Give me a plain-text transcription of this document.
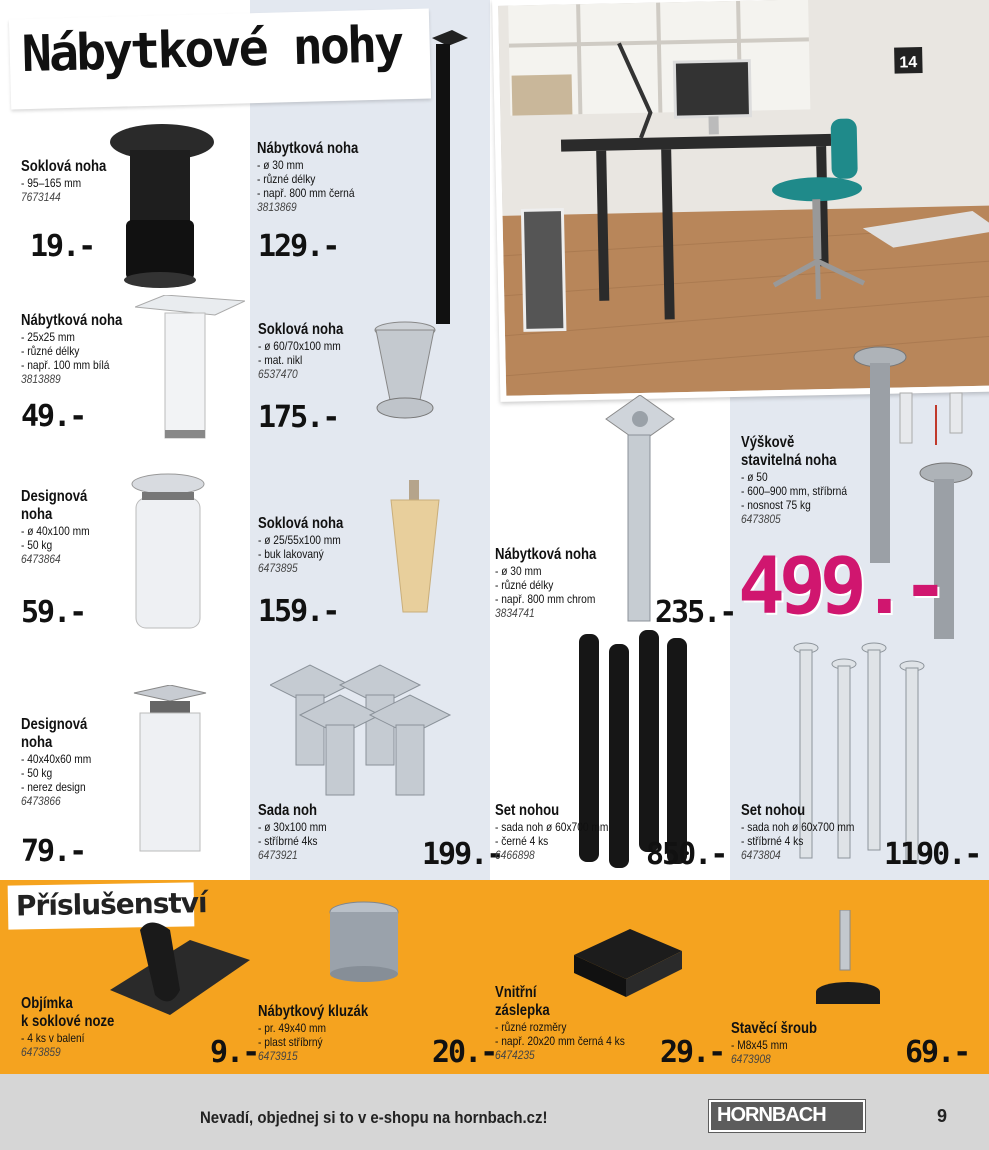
Nábytkové nohy	14
Soklová noha
- 95–165 mm
7673144
19.-
Nábytková noha
- ø 30 mm
- různé délky
- např. 800 mm černá
3813869
129.-
Nábytková noha
- 25x25 mm
- různé délky
- např. 100 mm bílá
3813889
49.-
Soklová noha
- ø 60/70x100 mm
- mat. nikl
6537470
175.-
Designová
noha
- ø 40x100 mm
- 50 kg
6473864
59.-
Soklová noha
- ø 25/55x100 mm
- buk lakovaný
6473895
159.-
Nábytková noha
- ø 30 mm
- různé délky
- např. 800 mm chrom
3834741	235.-
Výškově
stavitelná noha
- ø 50
- 600–900 mm, stříbrná
- nosnost 75 kg
6473805
499.-
Designová
noha
- 40x40x60 mm
- 50 kg
- nerez design
6473866
79.-
Sada noh
- ø 30x100 mm
- stříbrné 4ks
6473921	199.-
Set nohou
- sada noh ø 60x700 mm
- černé 4 ks
6466898	850.-
Set nohou
- sada noh ø 60x700 mm
- stříbrné 4 ks
6473804	1190.-
Příslušenství
Objímka
k soklové noze
- 4 ks v balení
6473859	9.-
Nábytkový kluzák
- pr. 49x40 mm
- plast stříbrný
6473915	20.-
Vnitřní
záslepka
- různé rozměry
- např. 20x20 mm černá 4 ks
6474235	29.-
Stavěcí šroub
- M8x45 mm
6473908	69.-
Nevadí, objednej si to v e-shopu na hornbach.cz!	HORNBACH	9
